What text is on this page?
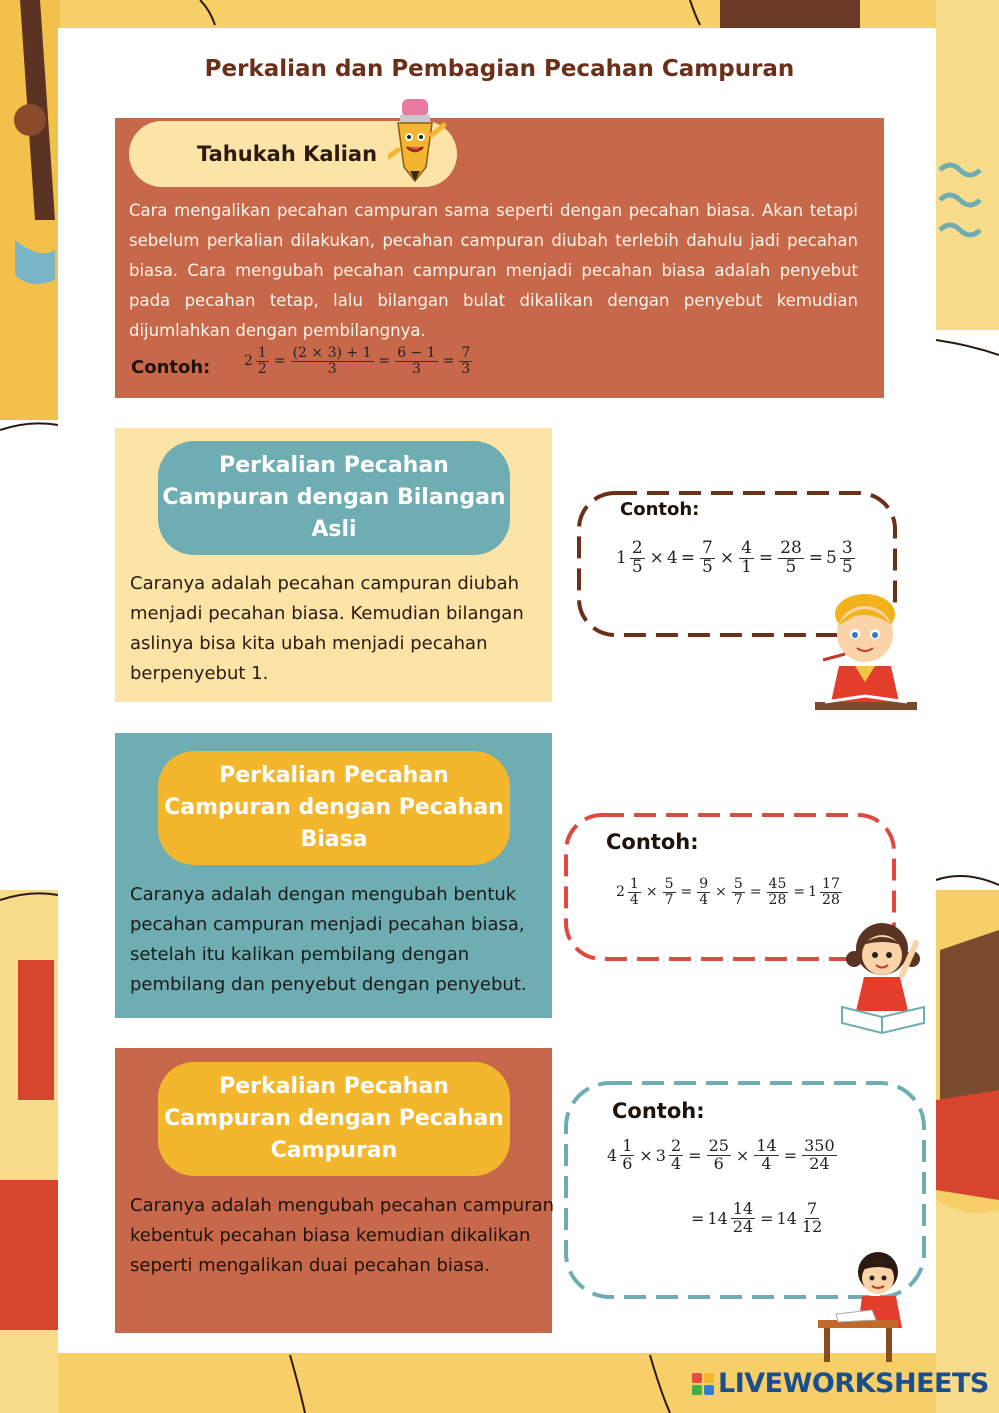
Perkalian dan Pembagian Pecahan Campuran
Tahukah Kalian
Cara mengalikan pecahan campuran sama seperti dengan pecahan biasa. Akan tetapi sebelum perkalian dilakukan, pecahan campuran diubah terlebih dahulu jadi pecahan biasa. Cara mengubah pecahan campuran menjadi pecahan biasa adalah penyebut pada pecahan tetap, lalu bilangan bulat dikalikan dengan penyebut kemudian dijumlahkan dengan pembilangnya.
Contoh: $2 \frac{1}{2} = \frac{(2 \times 3) + 1}{3} = \frac{6 - 1}{3} = \frac{7}{3}$
Perkalian Pecahan Campuran dengan Bilangan Asli
Caranya adalah pecahan campuran diubah menjadi pecahan biasa. Kemudian bilangan aslinya bisa kita ubah menjadi pecahan berpenyebut 1.
Contoh:
$1 \frac{2}{5} \times 4 = \frac{7}{5} \times \frac{4}{1} = \frac{28}{5} = 5 \frac{3}{5}$
Perkalian Pecahan Campuran dengan Pecahan Biasa
Caranya adalah dengan mengubah bentuk pecahan campuran menjadi pecahan biasa, setelah itu kalikan pembilang dengan pembilang dan penyebut dengan penyebut.
Contoh:
$2 \frac{1}{4} \times \frac{5}{7} = \frac{9}{4} \times \frac{5}{7} = \frac{45}{28} = 1 \frac{17}{28}$
Perkalian Pecahan Campuran dengan Pecahan Campuran
Caranya adalah mengubah pecahan campuran kebentuk pecahan biasa kemudian dikalikan seperti mengalikan duai pecahan biasa.
Contoh:
$4 \frac{1}{6} \times 3 \frac{2}{4} = \frac{25}{6} \times \frac{14}{4} = \frac{350}{24}$
= $14 \frac{14}{24} = 14 \frac{7}{12}$
LIVEWORKSHEETS
